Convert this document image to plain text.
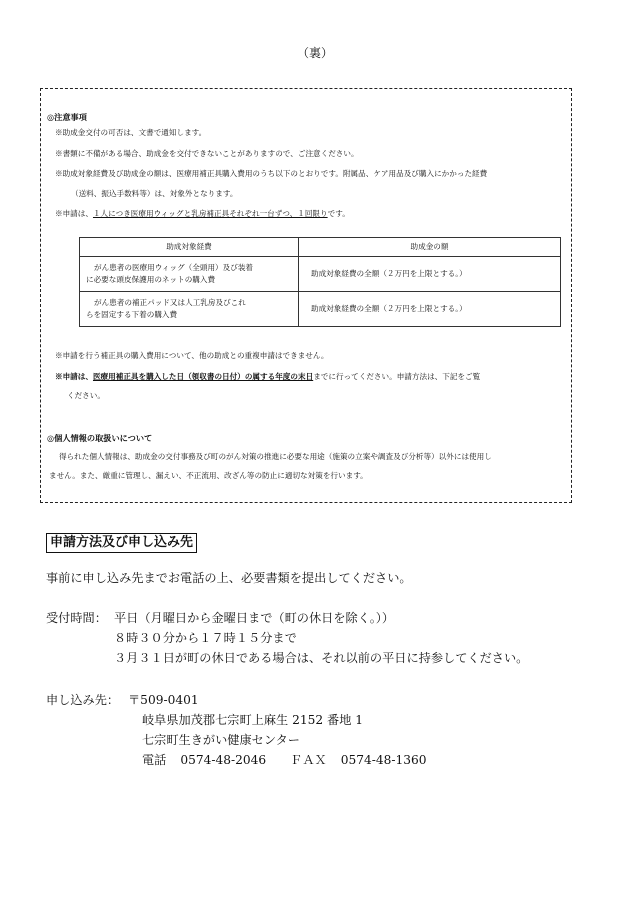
（裏）
◎注意事項
※助成金交付の可否は、文書で通知します。
※書類に不備がある場合、助成金を交付できないことがありますので、ご注意ください。
※助成対象経費及び助成金の額は、医療用補正具購入費用のうち以下のとおりです。附属品、ケア用品及び購入にかかった経費
（送料、振込手数料等）は、対象外となります。
※申請は、１人につき医療用ウィッグと乳房補正具それぞれ一台ずつ、１回限りです。
助成対象経費	助成金の額

がん患者の医療用ウィッグ（全頭用）及び装着
に必要な頭皮保護用のネットの購入費	助成対象経費の全額（２万円を上限とする。）

がん患者の補正パッド又は人工乳房及びこれ
らを固定する下着の購入費	助成対象経費の全額（２万円を上限とする。）
※申請を行う補正具の購入費用について、他の助成との重複申請はできません。
※申請は、医療用補正具を購入した日（領収書の日付）の属する年度の末日までに行ってください。申請方法は、下記をご覧
ください。
◎個人情報の取扱いについて
得られた個人情報は、助成金の交付事務及び町のがん対策の推進に必要な用途（施策の立案や調査及び分析等）以外には使用し
ません。また、厳重に管理し、漏えい、不正流用、改ざん等の防止に適切な対策を行います。
申請方法及び申し込み先
事前に申し込み先までお電話の上、必要書類を提出してください。
受付時間： 平日（月曜日から金曜日まで（町の休日を除く。））
８時３０分から１７時１５分まで
３月３１日が町の休日である場合は、それ以前の平日に持参してください。
申し込み先： 〒509-0401
岐阜県加茂郡七宗町上麻生 2152 番地 1
七宗町生きがい健康センター
電話 0574-48-2046 ＦＡＸ 0574-48-1360
